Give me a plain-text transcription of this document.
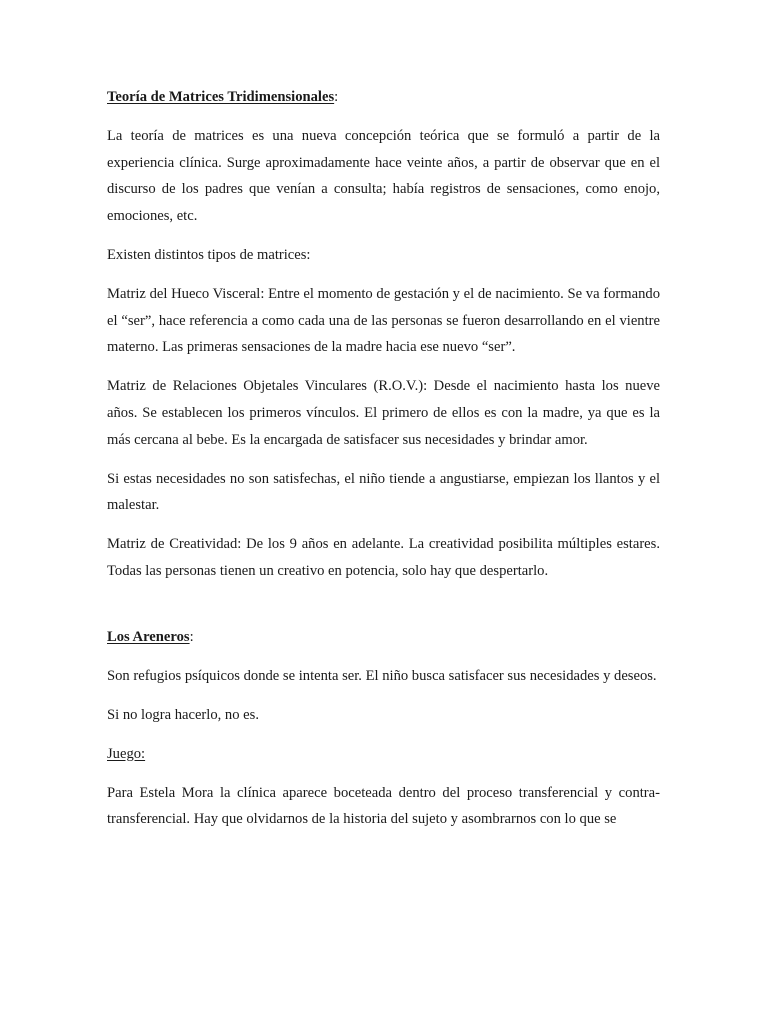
Teoría de Matrices Tridimensionales:

La teoría de matrices es una nueva concepción teórica que se formuló a partir de la experiencia clínica. Surge aproximadamente hace veinte años, a partir de observar que en el discurso de los padres que venían a consulta; había registros de sensaciones, como enojo, emociones, etc.

Existen distintos tipos de matrices:

Matriz del Hueco Visceral: Entre el momento de gestación y el de nacimiento. Se va formando el “ser”, hace referencia a como cada una de las personas se fueron desarrollando en el vientre materno. Las primeras sensaciones de la madre hacia ese nuevo “ser”.

Matriz de Relaciones Objetales Vinculares (R.O.V.): Desde el nacimiento hasta los nueve años. Se establecen los primeros vínculos. El primero de ellos es con la madre, ya que es la más cercana al bebe. Es la encargada de satisfacer sus necesidades y brindar amor.

Si estas necesidades no son satisfechas, el niño tiende a angustiarse, empiezan los llantos y el malestar.

Matriz de Creatividad: De los 9 años en adelante. La creatividad posibilita múltiples estares. Todas las personas tienen un creativo en potencia, solo hay que despertarlo.

Los Areneros:

Son refugios psíquicos donde se intenta ser. El niño busca satisfacer sus necesidades y deseos.

Si no logra hacerlo, no es.

Juego:

Para Estela Mora la clínica aparece boceteada dentro del proceso transferencial y contra-transferencial. Hay que olvidarnos de la historia del sujeto y asombrarnos con lo que se
